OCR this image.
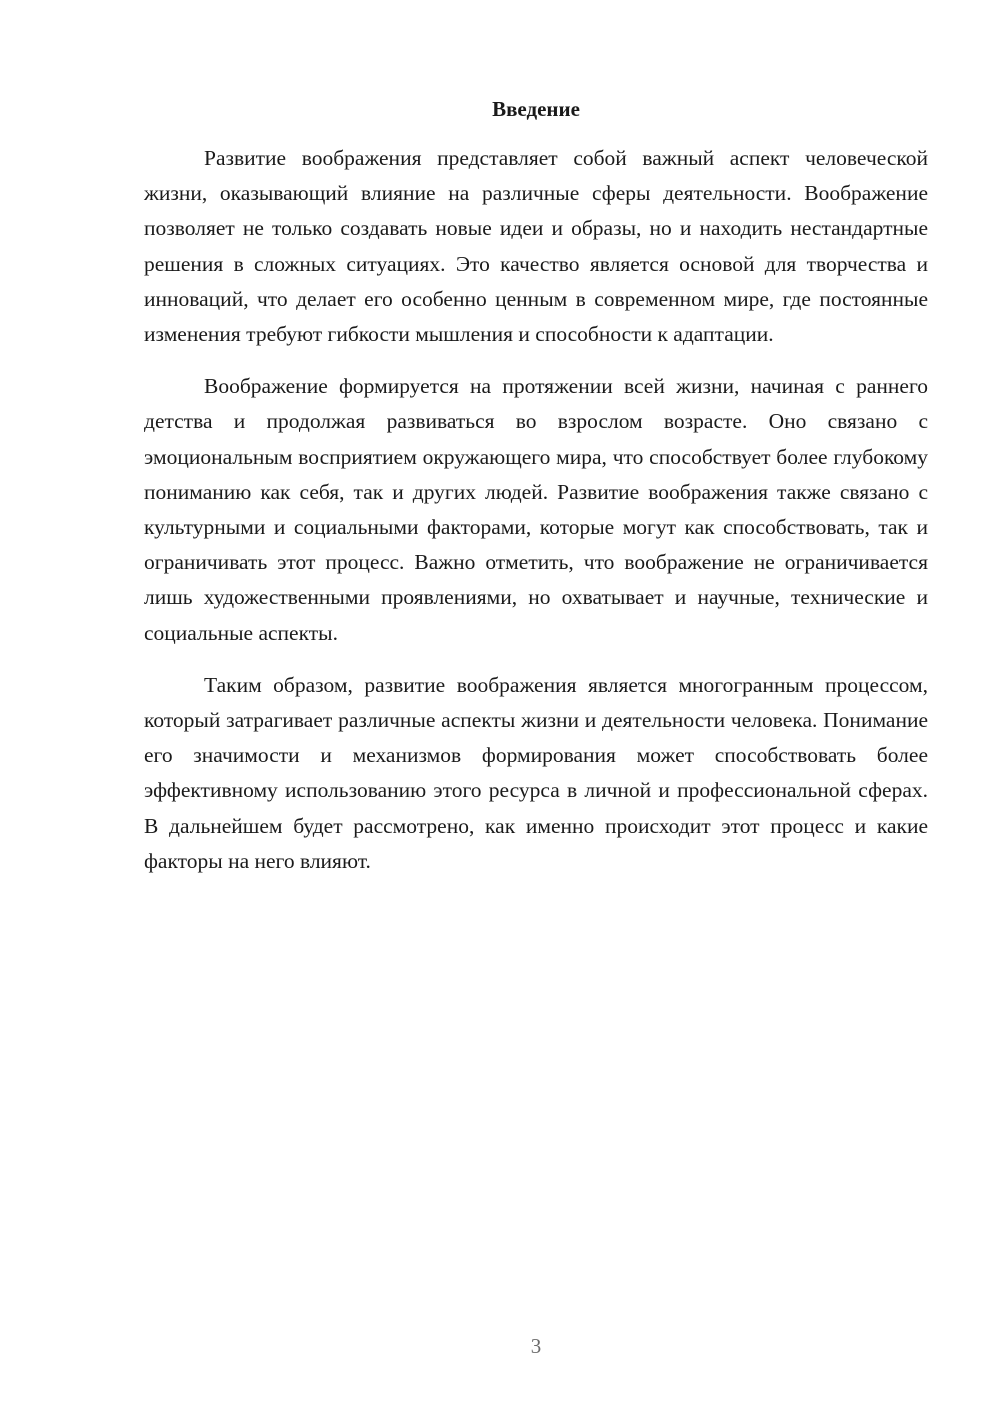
Введение

Развитие воображения представляет собой важный аспект человеческой жизни, оказывающий влияние на различные сферы деятельности. Воображение позволяет не только создавать новые идеи и образы, но и находить нестандартные решения в сложных ситуациях. Это качество является основой для творчества и инноваций, что делает его особенно ценным в современном мире, где постоянные изменения требуют гибкости мышления и способности к адаптации.

Воображение формируется на протяжении всей жизни, начиная с раннего детства и продолжая развиваться во взрослом возрасте. Оно связано с эмоциональным восприятием окружающего мира, что способствует более глубокому пониманию как себя, так и других людей. Развитие воображения также связано с культурными и социальными факторами, которые могут как способствовать, так и ограничивать этот процесс. Важно отметить, что воображение не ограничивается лишь художественными проявлениями, но охватывает и научные, технические и социальные аспекты.

Таким образом, развитие воображения является многогранным процессом, который затрагивает различные аспекты жизни и деятельности человека. Понимание его значимости и механизмов формирования может способствовать более эффективному использованию этого ресурса в личной и профессиональной сферах. В дальнейшем будет рассмотрено, как именно происходит этот процесс и какие факторы на него влияют.

3
